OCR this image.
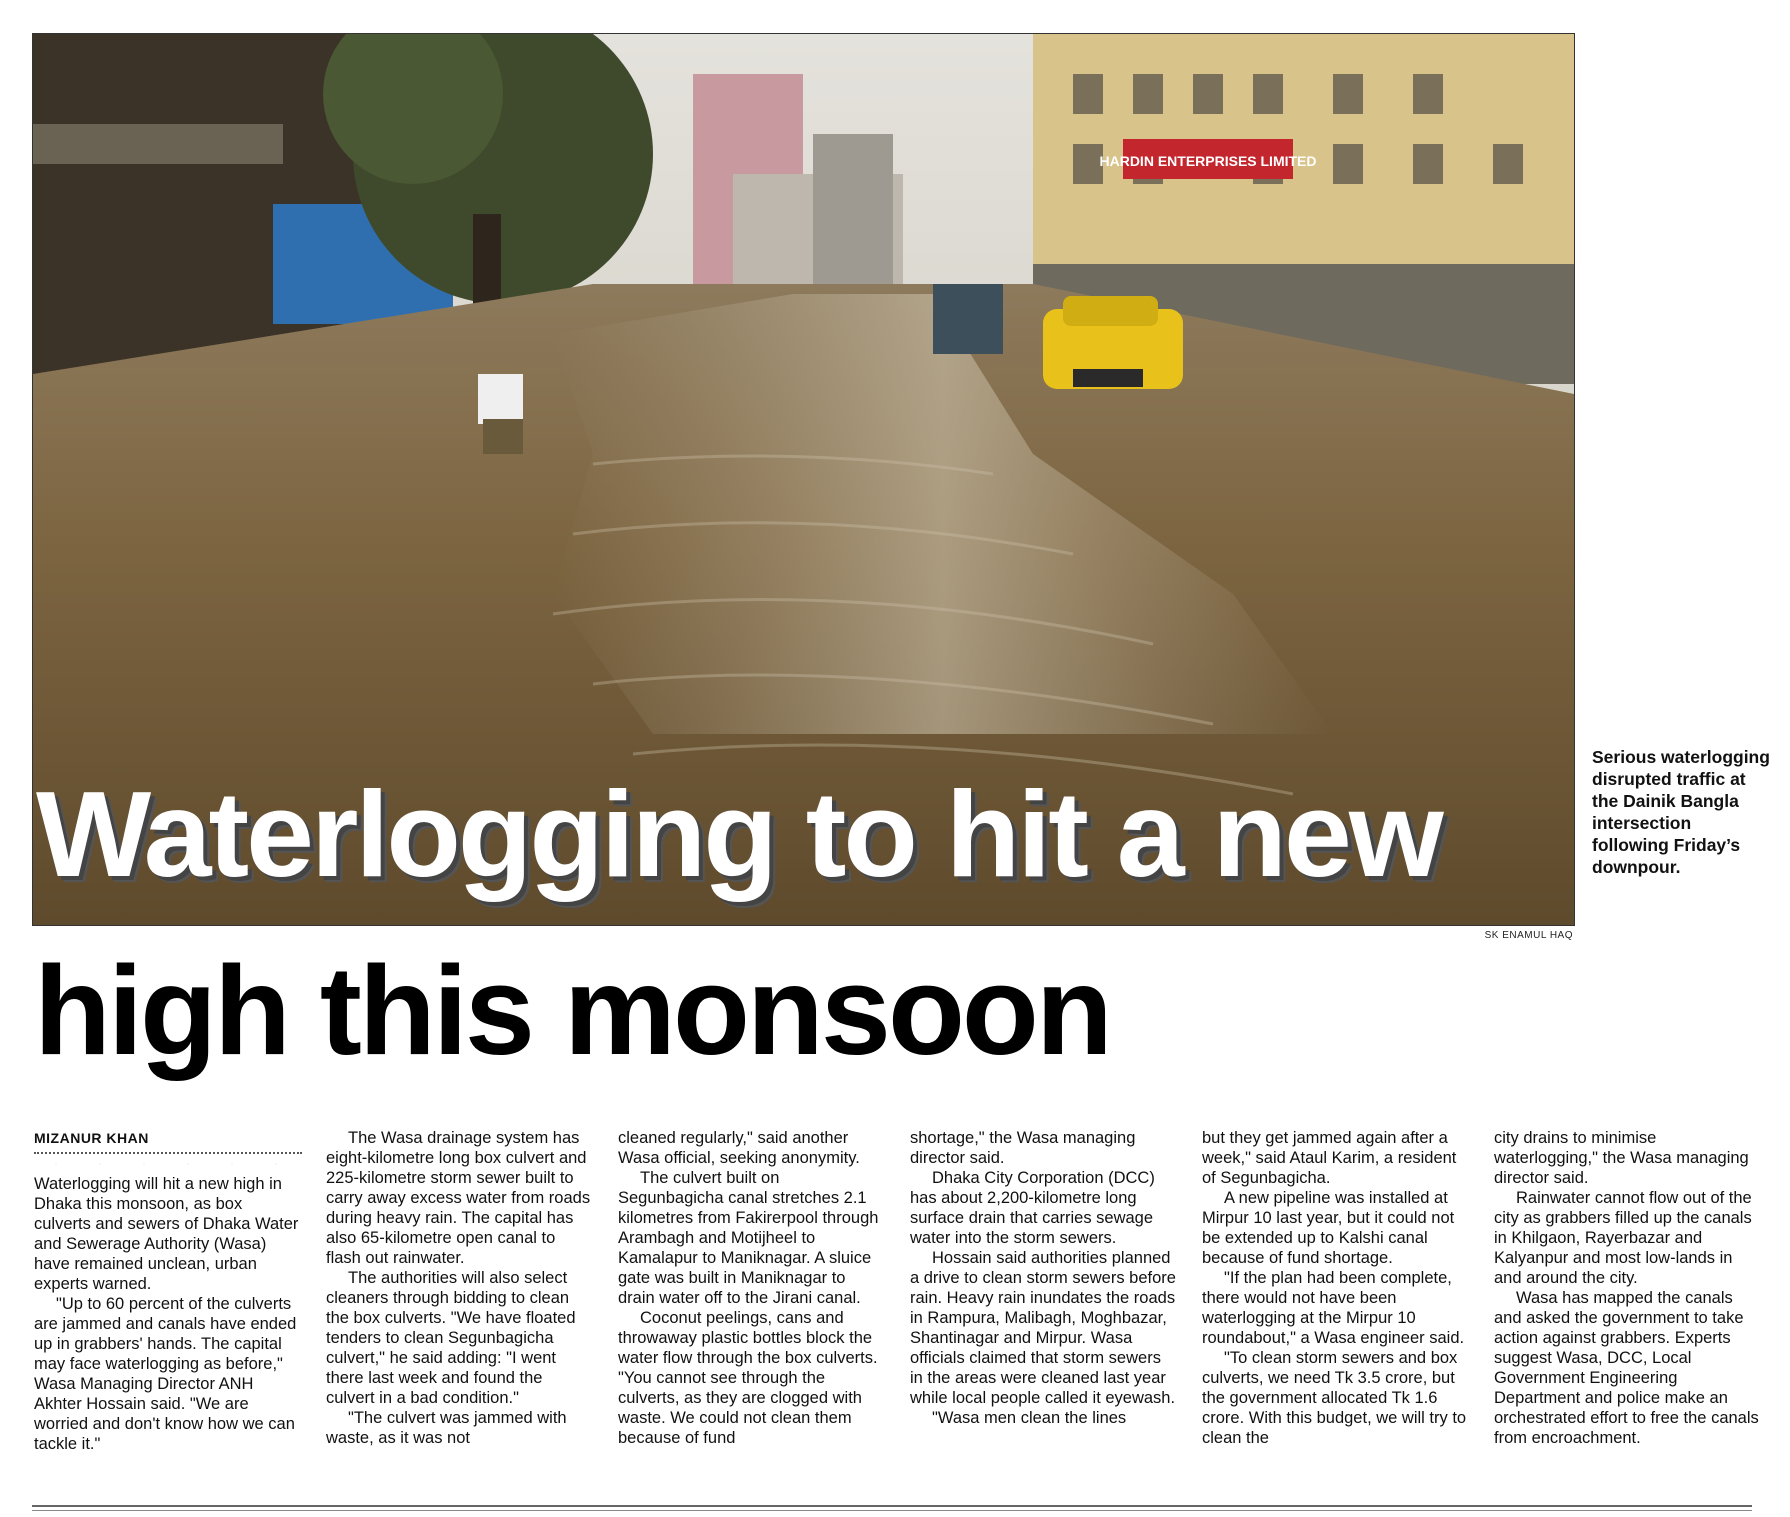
HARDIN ENTERPRISES LIMITED
Waterlogging to hit a new
SK ENAMUL HAQ
Serious waterlogging disrupted traffic at the Dainik Bangla intersection following Friday’s downpour.
high this monsoon
MIZANUR KHAN

Waterlogging will hit a new high in Dhaka this monsoon, as box culverts and sewers of Dhaka Water and Sewerage Authority (Wasa) have remained unclean, urban experts warned.

"Up to 60 percent of the culverts are jammed and canals have ended up in grabbers' hands. The capital may face waterlogging as before," Wasa Managing Director ANH Akhter Hossain said. "We are worried and don't know how we can tackle it."

The Wasa drainage system has eight-kilometre long box culvert and 225-kilometre storm sewer built to carry away excess water from roads during heavy rain. The capital has also 65-kilometre open canal to flash out rainwater.

The authorities will also select cleaners through bidding to clean the box culverts. "We have floated tenders to clean Segunbagicha culvert," he said adding: "I went there last week and found the culvert in a bad condition."

"The culvert was jammed with waste, as it was not

cleaned regularly," said another Wasa official, seeking anonymity.

The culvert built on Segunbagicha canal stretches 2.1 kilometres from Fakirerpool through Arambagh and Motijheel to Kamalapur to Maniknagar. A sluice gate was built in Maniknagar to drain water off to the Jirani canal.

Coconut peelings, cans and throwaway plastic bottles block the water flow through the box culverts. "You cannot see through the culverts, as they are clogged with waste. We could not clean them because of fund

shortage," the Wasa managing director said.

Dhaka City Corporation (DCC) has about 2,200-kilometre long surface drain that carries sewage water into the storm sewers.

Hossain said authorities planned a drive to clean storm sewers before rain. Heavy rain inundates the roads in Rampura, Malibagh, Moghbazar, Shantinagar and Mirpur. Wasa officials claimed that storm sewers in the areas were cleaned last year while local people called it eyewash.

"Wasa men clean the lines

but they get jammed again after a week," said Ataul Karim, a resident of Segunbagicha.

A new pipeline was installed at Mirpur 10 last year, but it could not be extended up to Kalshi canal because of fund shortage.

"If the plan had been complete, there would not have been waterlogging at the Mirpur 10 roundabout," a Wasa engineer said.

"To clean storm sewers and box culverts, we need Tk 3.5 crore, but the government allocated Tk 1.6 crore. With this budget, we will try to clean the

city drains to minimise waterlogging," the Wasa managing director said.

Rainwater cannot flow out of the city as grabbers filled up the canals in Khilgaon, Rayerbazar and Kalyanpur and most low-lands in and around the city.

Wasa has mapped the canals and asked the government to take action against grabbers. Experts suggest Wasa, DCC, Local Government Engineering Department and police make an orchestrated effort to free the canals from encroachment.
